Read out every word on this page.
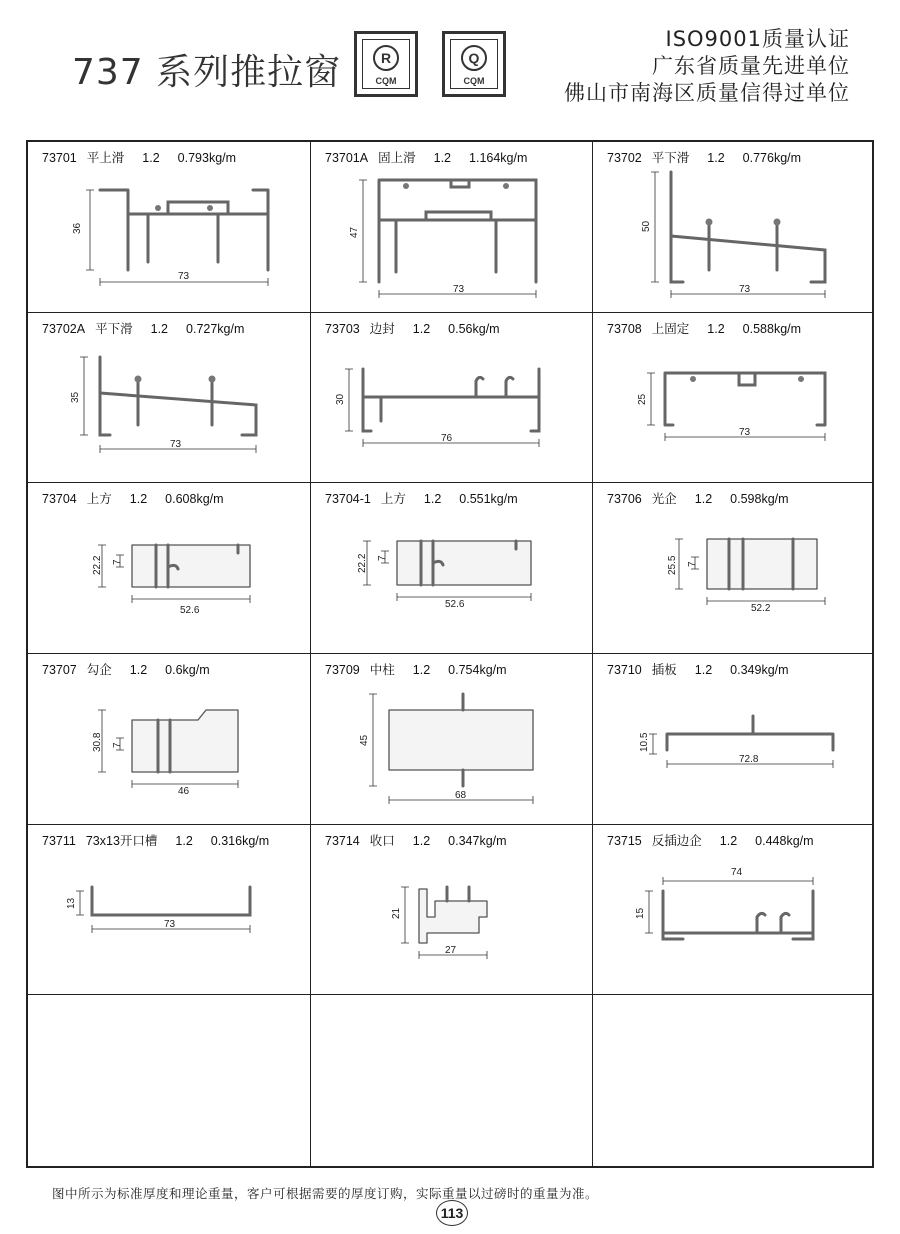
737 系列推拉窗	R
CQM
Q
CQM
ISO9001质量认证
广东省质量先进单位
佛山市南海区质量信得过单位
73701 平上滑 1.2 0.793kg/m
36
73
73701A 固上滑 1.2 1.164kg/m
47
73
73702 平下滑 1.2 0.776kg/m
50
73
73702A 平下滑 1.2 0.727kg/m
35
73
73703 边封 1.2 0.56kg/m
30
76
73708 上固定 1.2 0.588kg/m
25
73
73704 上方 1.2 0.608kg/m
22.2 7
52.6
73704-1 上方 1.2 0.551kg/m
22.2 7
52.6
73706 光企 1.2 0.598kg/m
25.5 7
52.2
73707 勾企 1.2 0.6kg/m
30.8 7
46
73709 中柱 1.2 0.754kg/m
45
68
73710 插板 1.2 0.349kg/m
10.5
72.8
73711 73x13开口槽 1.2 0.316kg/m
13
73
73714 收口 1.2 0.347kg/m
21
27
73715 反插边企 1.2 0.448kg/m
74
15
图中所示为标准厚度和理论重量，客户可根据需要的厚度订购，实际重量以过磅时的重量为准。
113
